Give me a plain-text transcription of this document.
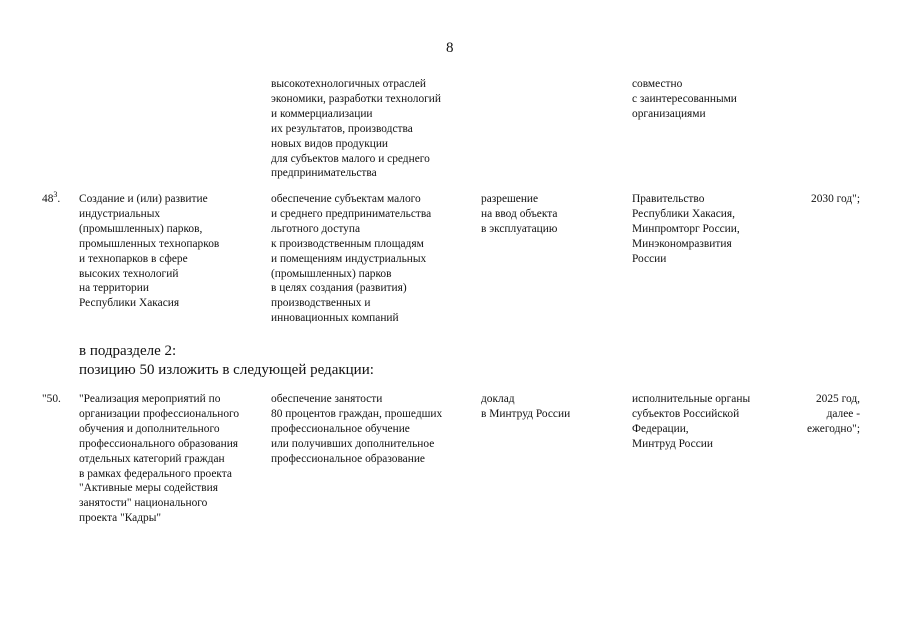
8
высокотехнологичных отраслей
экономики, разработки технологий
и коммерциализации
их результатов, производства
новых видов продукции
для субъектов малого и среднего
предпринимательства
совместно
с заинтересованными
организациями
$48^3$. Создание и (или) развитие
индустриальных
(промышленных) парков,
промышленных технопарков
и технопарков в сфере
высоких технологий
на территории
Республики Хакасия
обеспечение субъектам малого
и среднего предпринимательства
льготного доступа
к производственным площадям
и помещениям индустриальных
(промышленных) парков
в целях создания (развития)
производственных и
инновационных компаний
разрешение
на ввод объекта
в эксплуатацию
Правительство
Республики Хакасия,
Минпромторг России,
Минэкономразвития
России
2030 год";
в подразделе 2:
позицию 50 изложить в следующей редакции:
"50. "Реализация мероприятий по
организации профессионального
обучения и дополнительного
профессионального образования
отдельных категорий граждан
в рамках федерального проекта
"Активные меры содействия
занятости" национального
проекта "Кадры"
обеспечение занятости
80 процентов граждан, прошедших
профессиональное обучение
или получивших дополнительное
профессиональное образование
доклад
в Минтруд России
исполнительные органы
субъектов Российской
Федерации,
Минтруд России
2025 год,
далее -
ежегодно";
